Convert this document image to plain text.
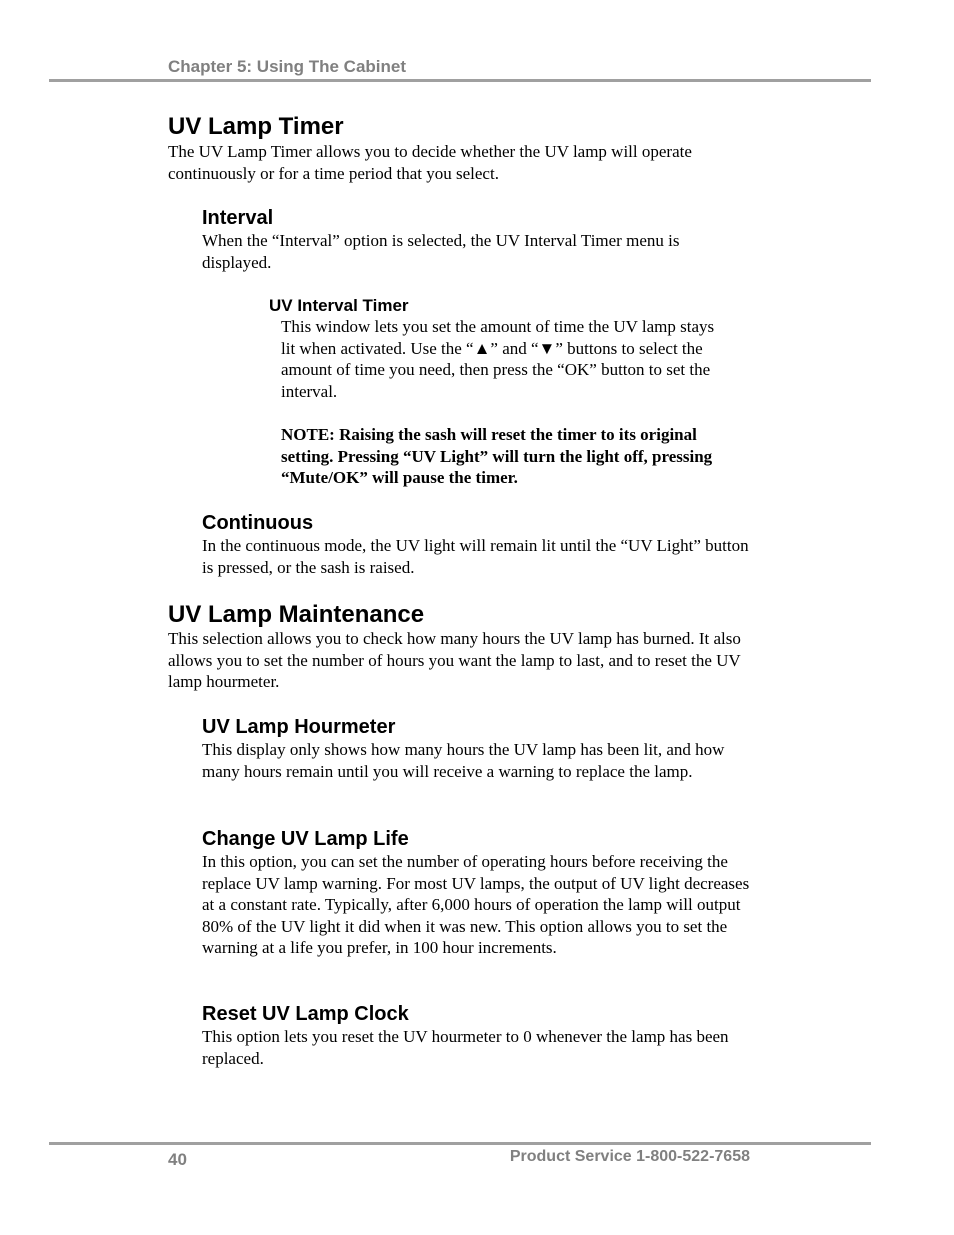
Chapter 5: Using The Cabinet
UV Lamp Timer

The UV Lamp Timer allows you to decide whether the UV lamp will operate continuously or for a time period that you select.

Interval

When the “Interval” option is selected, the UV Interval Timer menu is displayed.

UV Interval Timer

This window lets you set the amount of time the UV lamp stays lit when activated. Use the “▲” and “▼” buttons to select the amount of time you need, then press the “OK” button to set the interval.

NOTE: Raising the sash will reset the timer to its original setting. Pressing “UV Light” will turn the light off, pressing “Mute/OK” will pause the timer.

Continuous

In the continuous mode, the UV light will remain lit until the “UV Light” button is pressed, or the sash is raised.

UV Lamp Maintenance

This selection allows you to check how many hours the UV lamp has burned. It also allows you to set the number of hours you want the lamp to last, and to reset the UV lamp hourmeter.

UV Lamp Hourmeter

This display only shows how many hours the UV lamp has been lit, and how many hours remain until you will receive a warning to replace the lamp.

Change UV Lamp Life

In this option, you can set the number of operating hours before receiving the replace UV lamp warning. For most UV lamps, the output of UV light decreases at a constant rate. Typically, after 6,000 hours of operation the lamp will output 80% of the UV light it did when it was new. This option allows you to set the warning at a life you prefer, in 100 hour increments.

Reset UV Lamp Clock

This option lets you reset the UV hourmeter to 0 whenever the lamp has been replaced.

40	Product Service 1-800-522-7658
